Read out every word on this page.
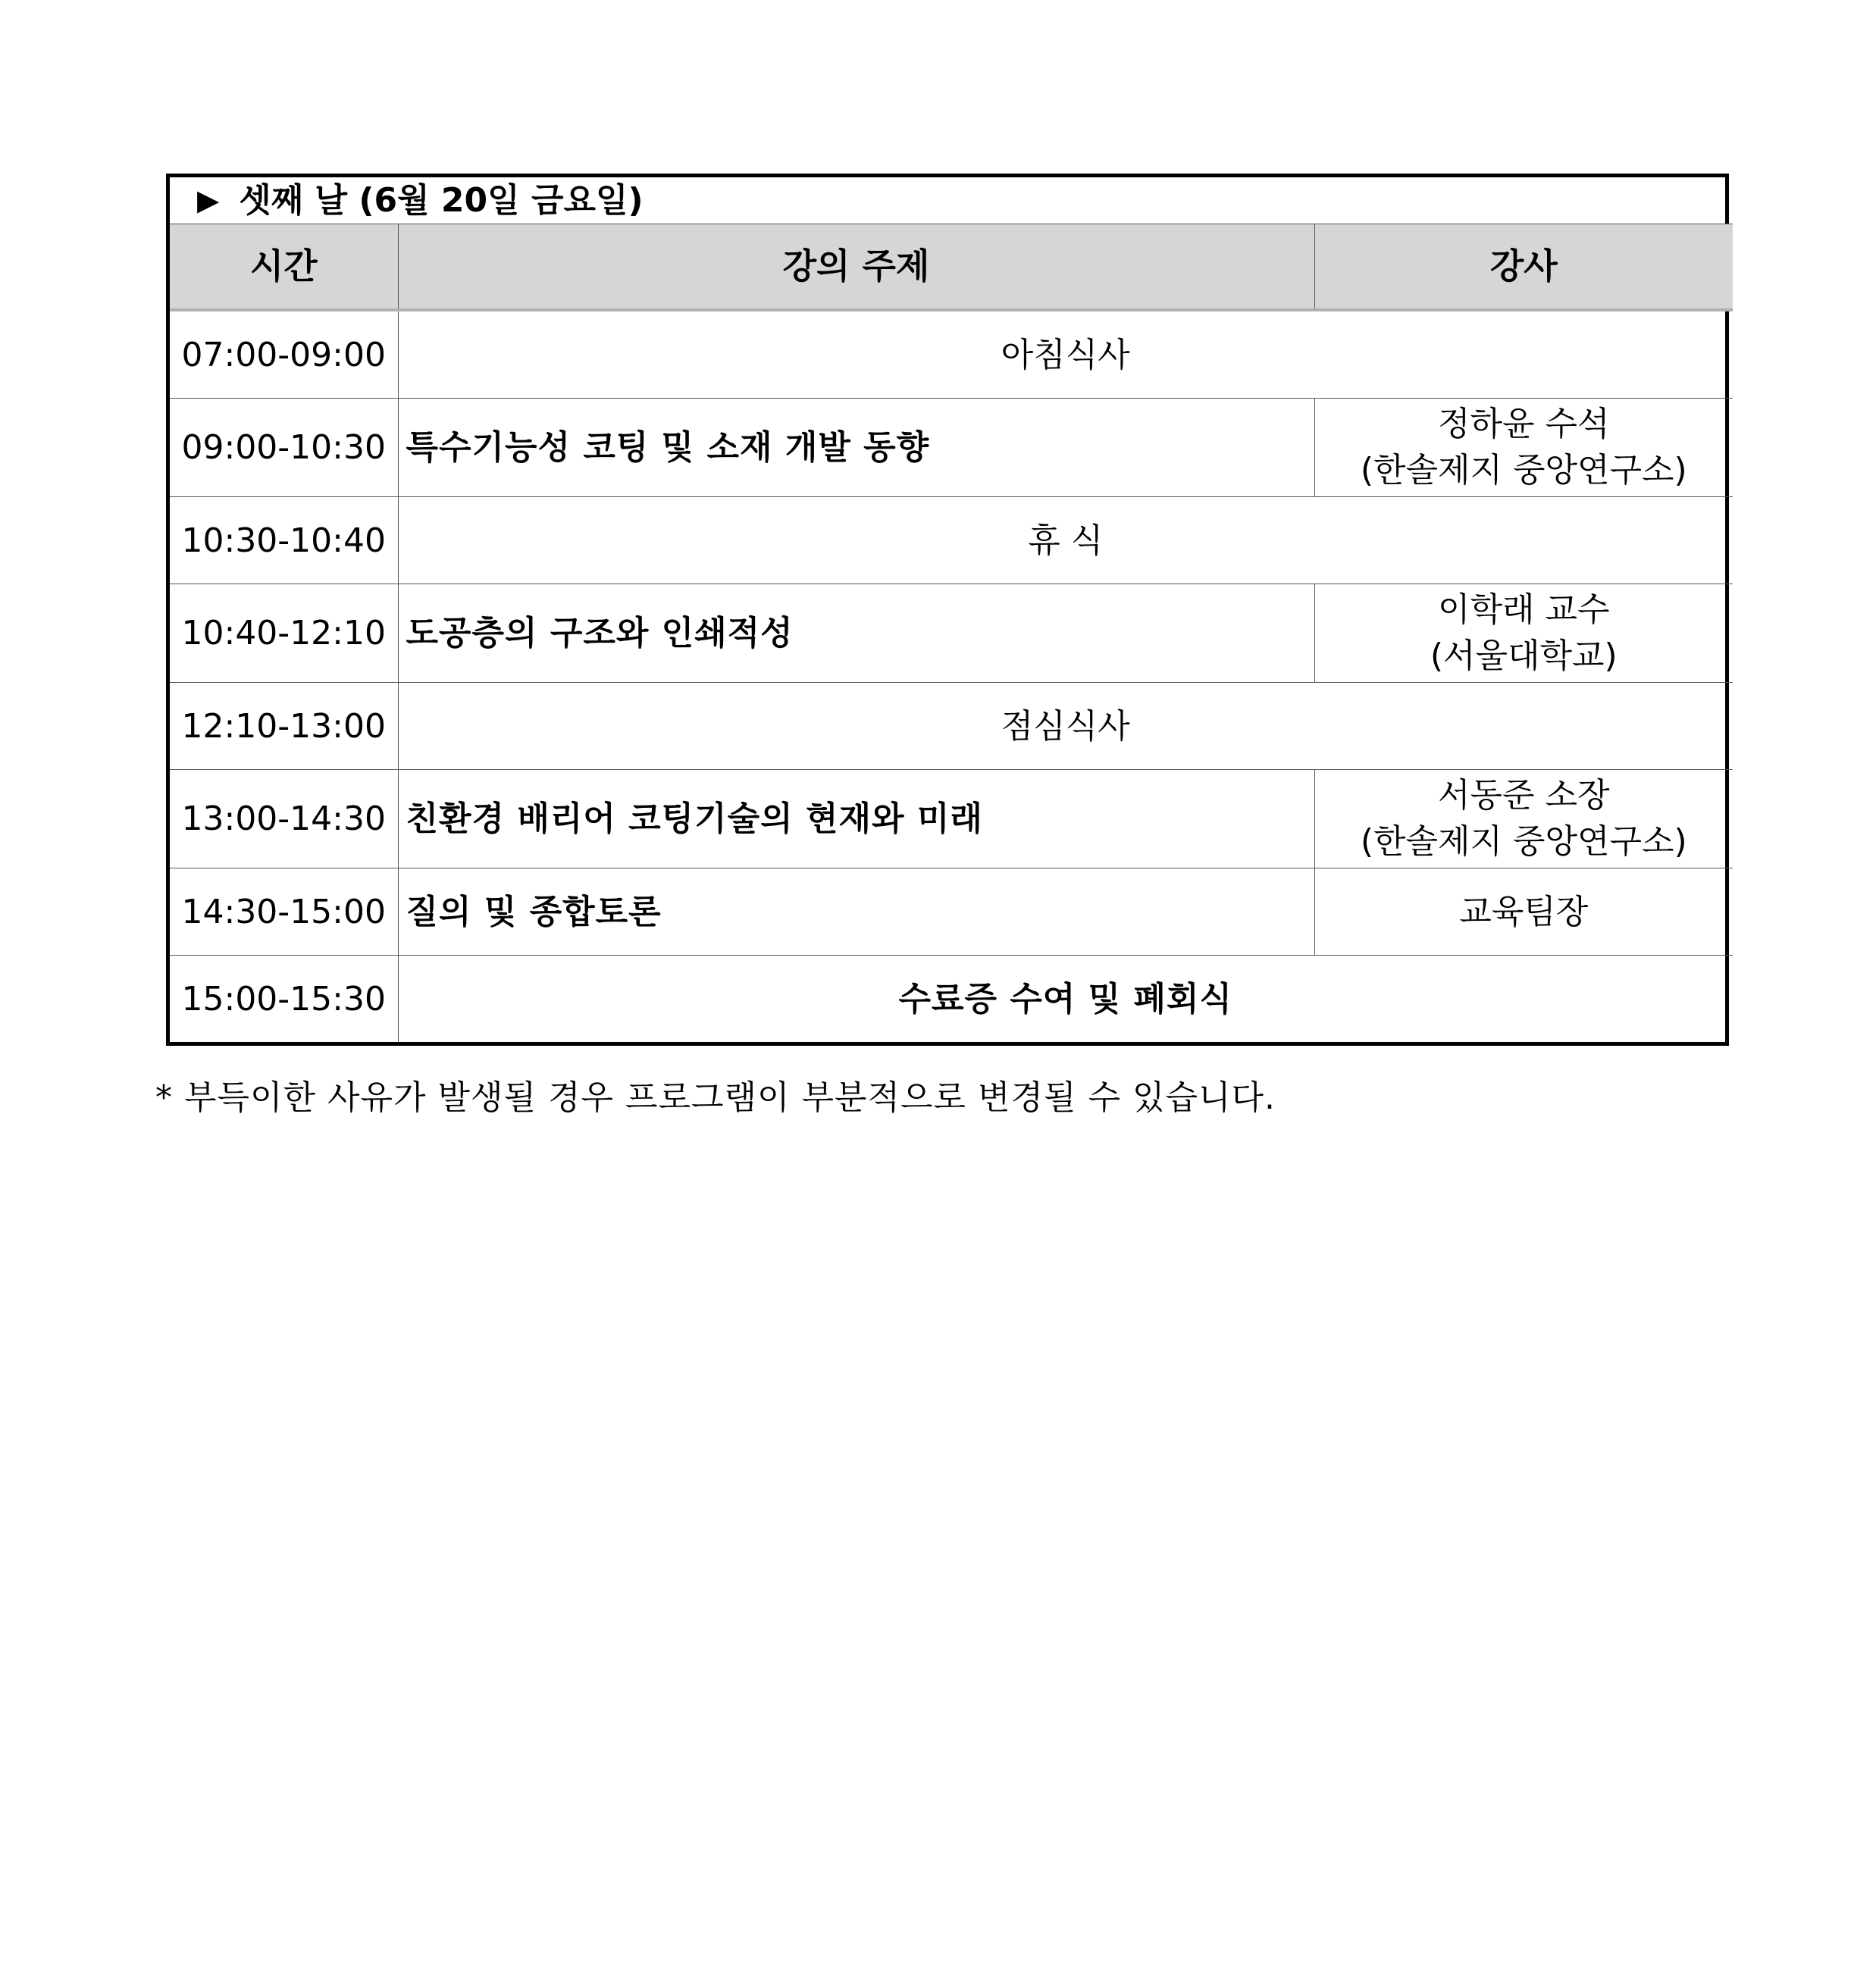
▶ 셋째 날 (6월 20일 금요일)		
시간	강의 주제	강사
07:00-09:00	아침식사	
09:00-10:30	특수기능성 코팅 및 소재 개발 동향	정하윤 수석
(한솔제지 중앙연구소)

10:30-10:40	휴 식	
10:40-12:10	도공층의 구조와 인쇄적성	이학래 교수
(서울대학교)

12:10-13:00	점심식사	
13:00-14:30	친환경 배리어 코팅기술의 현재와 미래	서동준 소장
(한솔제지 중앙연구소)

14:30-15:00	질의 및 종합토론	교육팀장
15:00-15:30	수료증 수여 및 폐회식	
* 부득이한 사유가 발생될 경우 프로그램이 부분적으로 변경될 수 있습니다.
